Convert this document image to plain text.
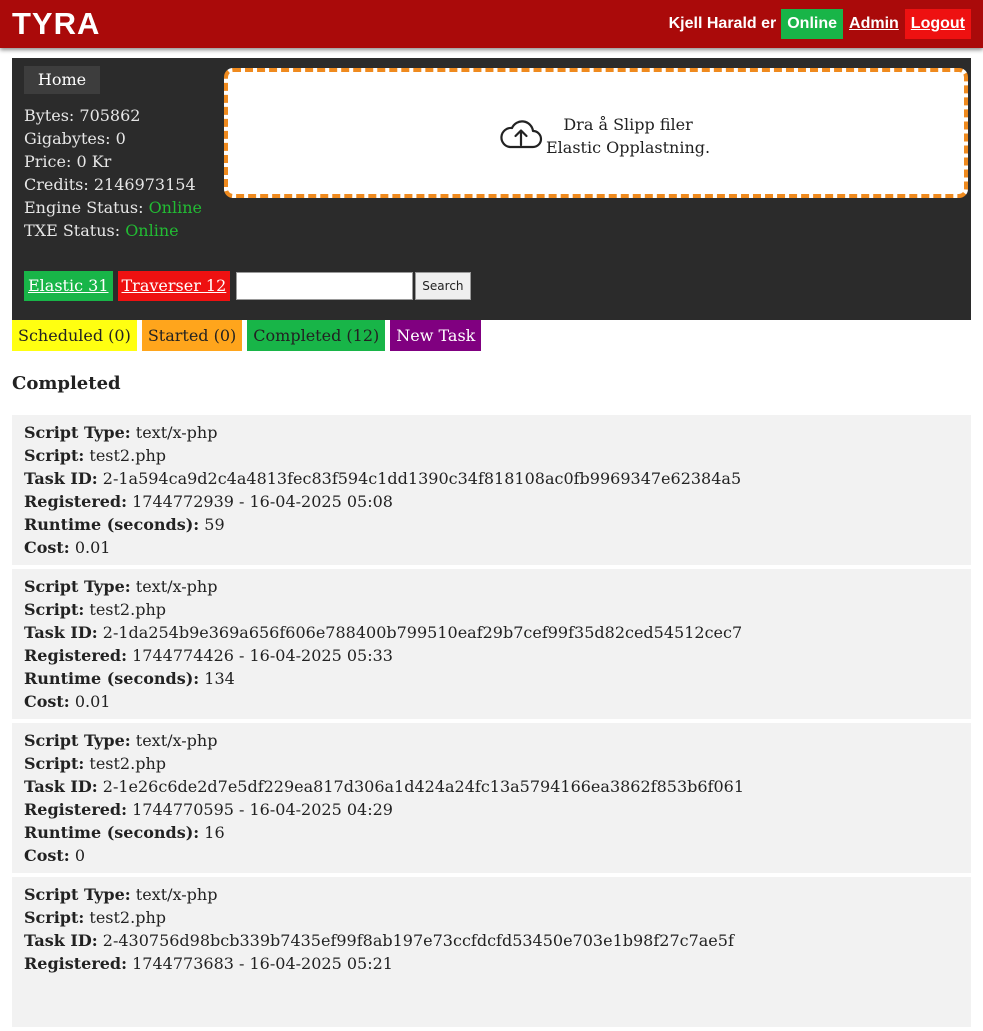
TYRA	Kjell Harald er Online Admin Logout
Home
Bytes: 705862
Gigabytes: 0
Price: 0 Kr
Credits: 2146973154
Engine Status: Online
TXE Status: Online
Dra å Slipp filer
Elastic Opplastning.
Elastic 31 Traverser 12	Search
Scheduled (0)	Started (0)	Completed (12)	New Task
Completed
Script Type: text/x-php
Script: test2.php
Task ID: 2-1a594ca9d2c4a4813fec83f594c1dd1390c34f818108ac0fb9969347e62384a5
Registered: 1744772939 - 16-04-2025 05:08
Runtime (seconds): 59
Cost: 0.01
Script Type: text/x-php
Script: test2.php
Task ID: 2-1da254b9e369a656f606e788400b799510eaf29b7cef99f35d82ced54512cec7
Registered: 1744774426 - 16-04-2025 05:33
Runtime (seconds): 134
Cost: 0.01
Script Type: text/x-php
Script: test2.php
Task ID: 2-1e26c6de2d7e5df229ea817d306a1d424a24fc13a5794166ea3862f853b6f061
Registered: 1744770595 - 16-04-2025 04:29
Runtime (seconds): 16
Cost: 0
Script Type: text/x-php
Script: test2.php
Task ID: 2-430756d98bcb339b7435ef99f8ab197e73ccfdcfd53450e703e1b98f27c7ae5f
Registered: 1744773683 - 16-04-2025 05:21
